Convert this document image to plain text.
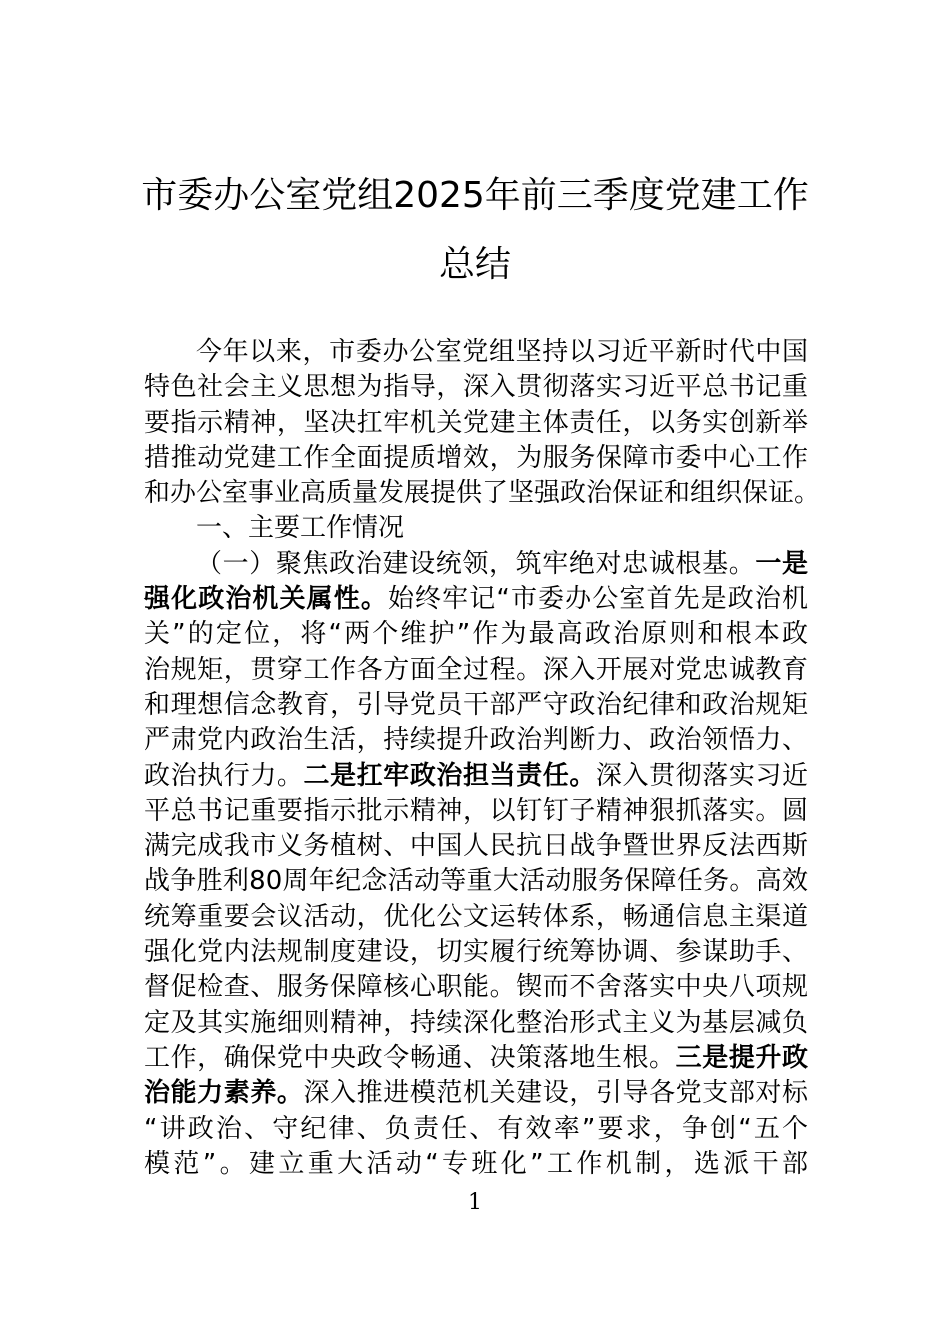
市委办公室党组2025年前三季度党建工作
总结
今年以来，市委办公室党组坚持以习近平新时代中国
特色社会主义思想为指导，深入贯彻落实习近平总书记重
要指示精神，坚决扛牢机关党建主体责任，以务实创新举
措推动党建工作全面提质增效，为服务保障市委中心工作
和办公室事业高质量发展提供了坚强政治保证和组织保证。
一、主要工作情况
（一）聚焦政治建设统领，筑牢绝对忠诚根基。一是
强化政治机关属性。始终牢记“市委办公室首先是政治机
关”的定位，将“两个维护”作为最高政治原则和根本政
治规矩，贯穿工作各方面全过程。深入开展对党忠诚教育
和理想信念教育，引导党员干部严守政治纪律和政治规矩
严肃党内政治生活，持续提升政治判断力、政治领悟力、
政治执行力。二是扛牢政治担当责任。深入贯彻落实习近
平总书记重要指示批示精神，以钉钉子精神狠抓落实。圆
满完成我市义务植树、中国人民抗日战争暨世界反法西斯
战争胜利80周年纪念活动等重大活动服务保障任务。高效
统筹重要会议活动，优化公文运转体系，畅通信息主渠道
强化党内法规制度建设，切实履行统筹协调、参谋助手、
督促检查、服务保障核心职能。锲而不舍落实中央八项规
定及其实施细则精神，持续深化整治形式主义为基层减负
工作，确保党中央政令畅通、决策落地生根。三是提升政
治能力素养。深入推进模范机关建设，引导各党支部对标
“讲政治、守纪律、负责任、有效率”要求，争创“五个
模范”。建立重大活动“专班化”工作机制，选派干部
1
